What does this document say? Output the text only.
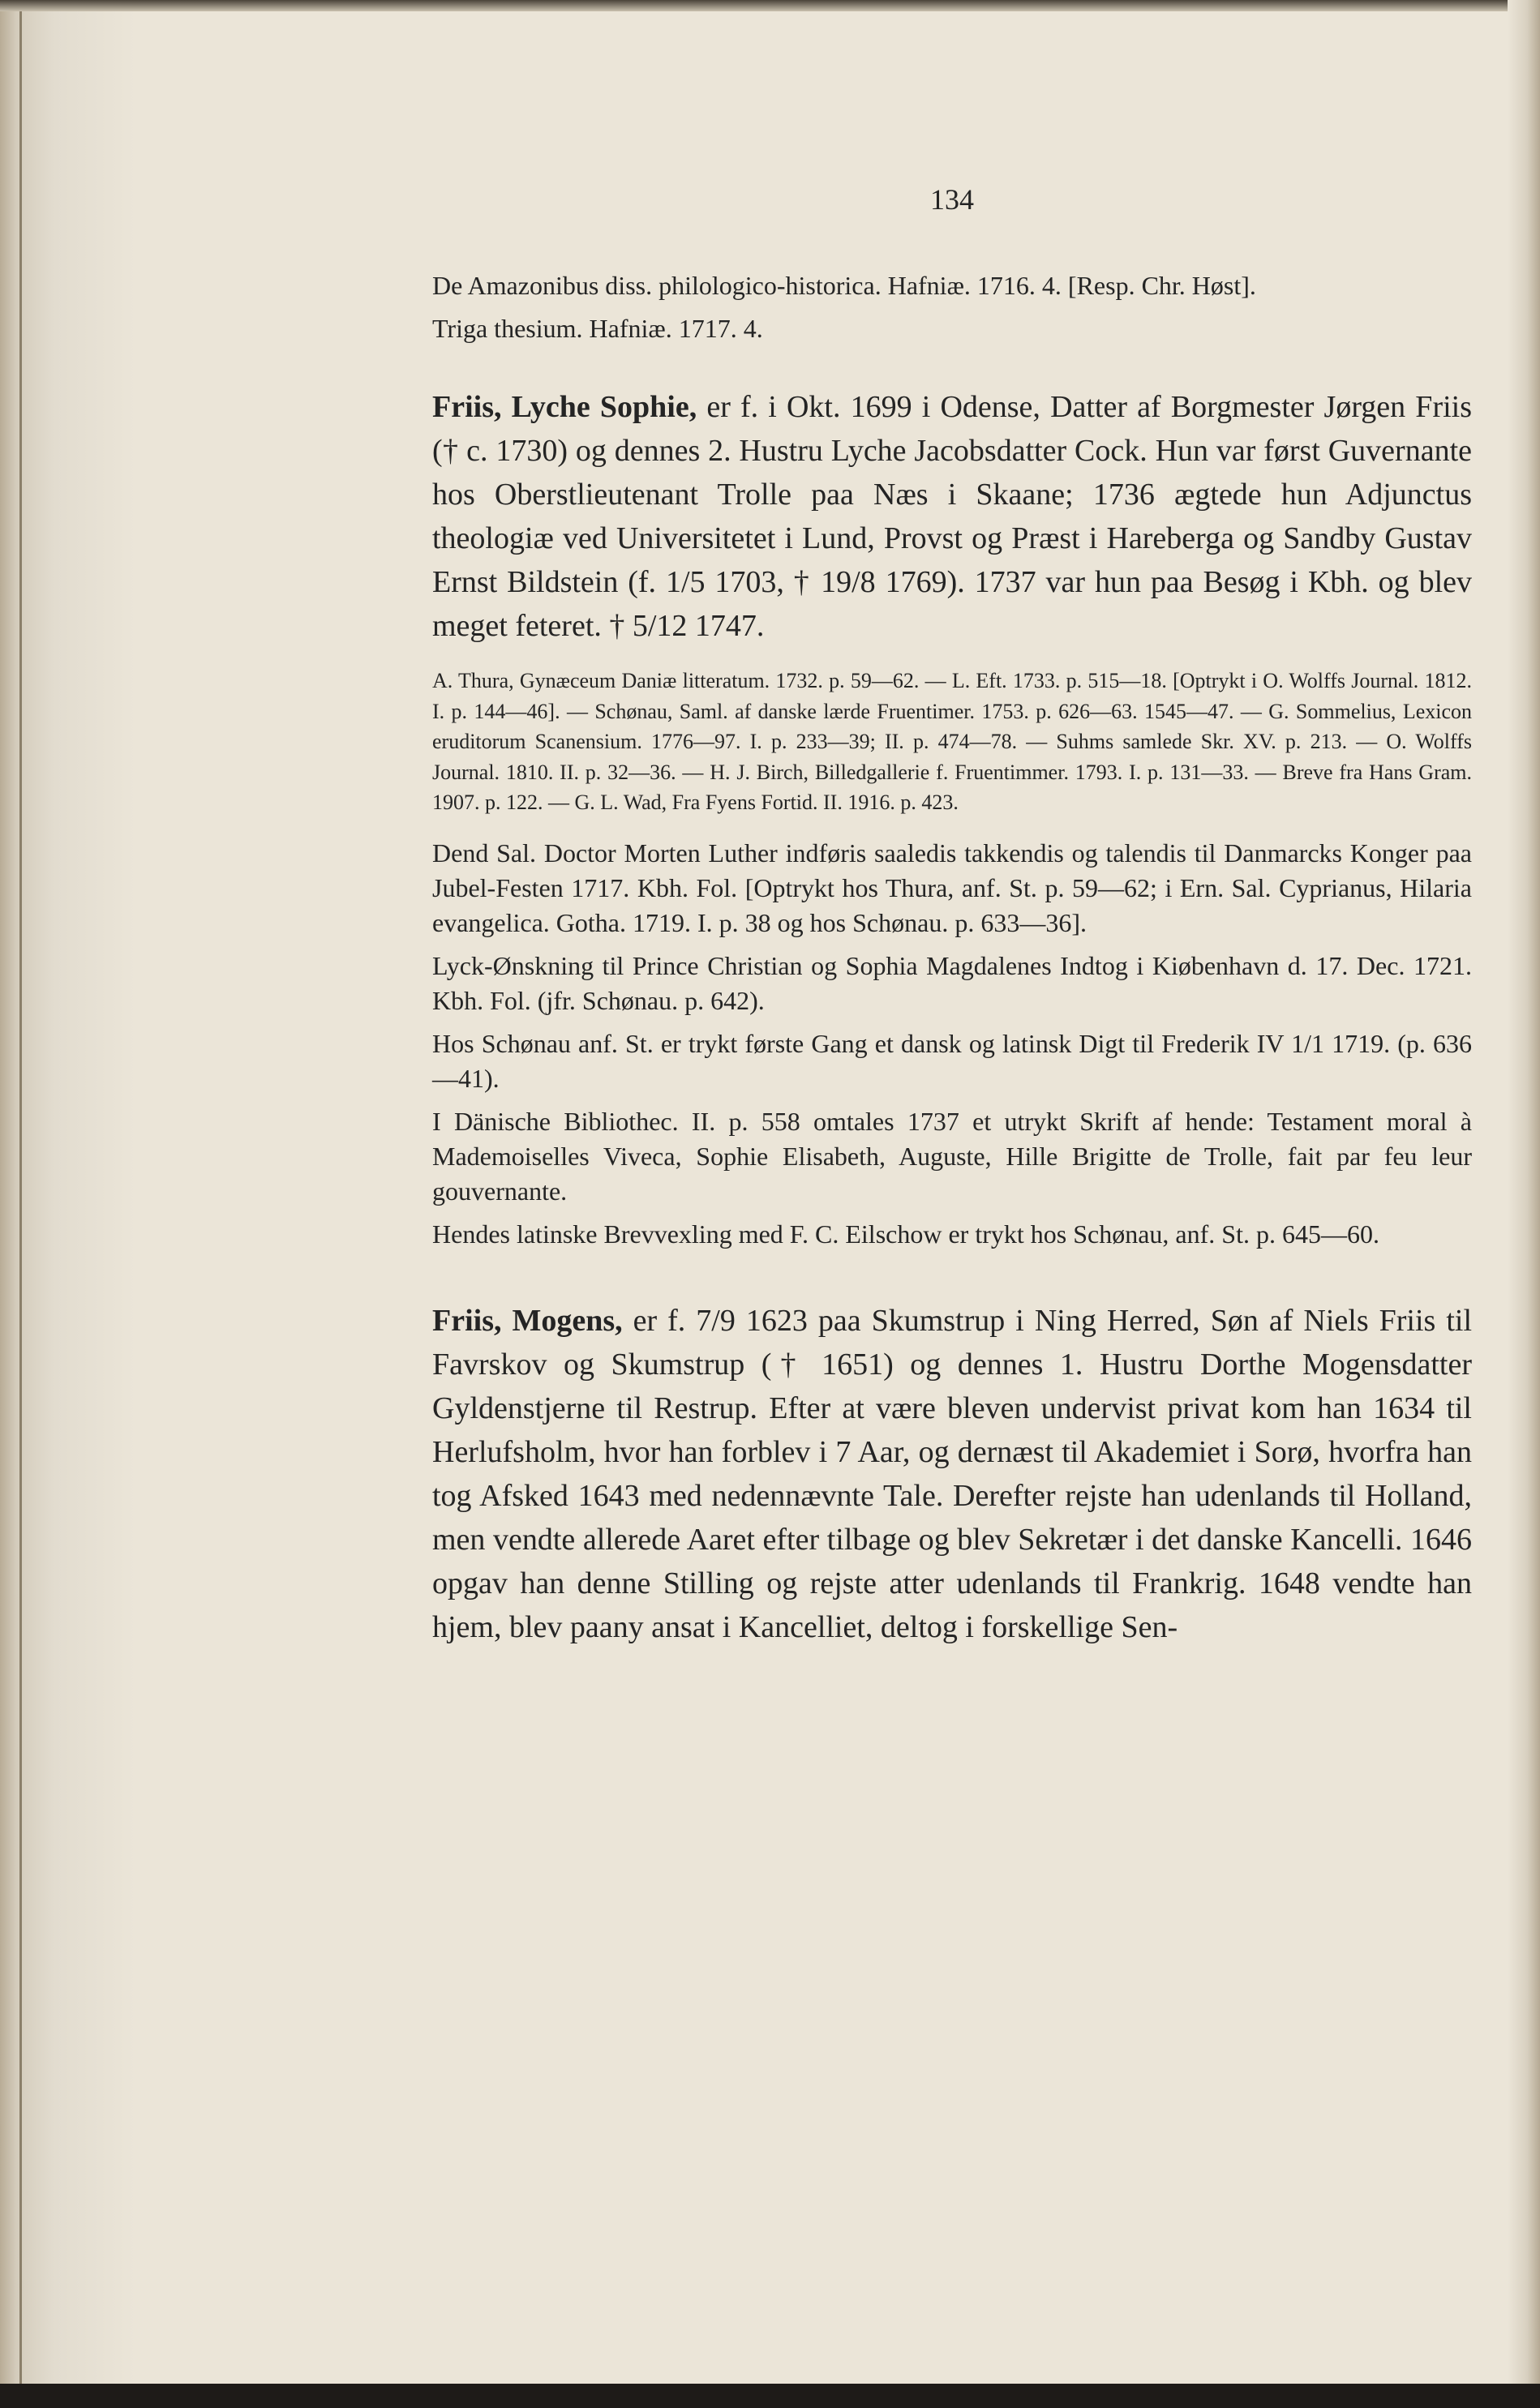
134

De Amazonibus diss. philologico-historica. Hafniæ. 1716. 4. [Resp. Chr. Høst].

Triga thesium. Hafniæ. 1717. 4.

Friis, Lyche Sophie, er f. i Okt. 1699 i Odense, Datter af Borgmester Jørgen Friis († c. 1730) og dennes 2. Hustru Lyche Jacobsdatter Cock. Hun var først Guvernante hos Oberstlieutenant Trolle paa Næs i Skaane; 1736 ægtede hun Adjunctus theologiæ ved Universitetet i Lund, Provst og Præst i Hareberga og Sandby Gustav Ernst Bildstein (f. 1/5 1703, † 19/8 1769). 1737 var hun paa Besøg i Kbh. og blev meget feteret. † 5/12 1747.

A. Thura, Gynæceum Daniæ litteratum. 1732. p. 59—62. — L. Eft. 1733. p. 515—18. [Optrykt i O. Wolffs Journal. 1812. I. p. 144—46]. — Schønau, Saml. af danske lærde Fruentimer. 1753. p. 626—63. 1545—47. — G. Sommelius, Lexicon eruditorum Scanensium. 1776—97. I. p. 233—39; II. p. 474—78. — Suhms samlede Skr. XV. p. 213. — O. Wolffs Journal. 1810. II. p. 32—36. — H. J. Birch, Billedgallerie f. Fruentimmer. 1793. I. p. 131—33. — Breve fra Hans Gram. 1907. p. 122. — G. L. Wad, Fra Fyens Fortid. II. 1916. p. 423.

Dend Sal. Doctor Morten Luther indføris saaledis takkendis og talendis til Danmarcks Konger paa Jubel-Festen 1717. Kbh. Fol. [Optrykt hos Thura, anf. St. p. 59—62; i Ern. Sal. Cyprianus, Hilaria evangelica. Gotha. 1719. I. p. 38 og hos Schønau. p. 633—36].

Lyck-Ønskning til Prince Christian og Sophia Magdalenes Indtog i Kiøbenhavn d. 17. Dec. 1721. Kbh. Fol. (jfr. Schønau. p. 642).

Hos Schønau anf. St. er trykt første Gang et dansk og latinsk Digt til Frederik IV 1/1 1719. (p. 636—41).

I Dänische Bibliothec. II. p. 558 omtales 1737 et utrykt Skrift af hende: Testament moral à Mademoiselles Viveca, Sophie Elisabeth, Auguste, Hille Brigitte de Trolle, fait par feu leur gouvernante.

Hendes latinske Brevvexling med F. C. Eilschow er trykt hos Schønau, anf. St. p. 645—60.

Friis, Mogens, er f. 7/9 1623 paa Skumstrup i Ning Herred, Søn af Niels Friis til Favrskov og Skumstrup († 1651) og dennes 1. Hustru Dorthe Mogensdatter Gyldenstjerne til Restrup. Efter at være bleven undervist privat kom han 1634 til Herlufsholm, hvor han forblev i 7 Aar, og dernæst til Akademiet i Sorø, hvorfra han tog Afsked 1643 med nedennævnte Tale. Derefter rejste han udenlands til Holland, men vendte allerede Aaret efter tilbage og blev Sekretær i det danske Kancelli. 1646 opgav han denne Stilling og rejste atter udenlands til Frankrig. 1648 vendte han hjem, blev paany ansat i Kancelliet, deltog i forskellige Sen-
